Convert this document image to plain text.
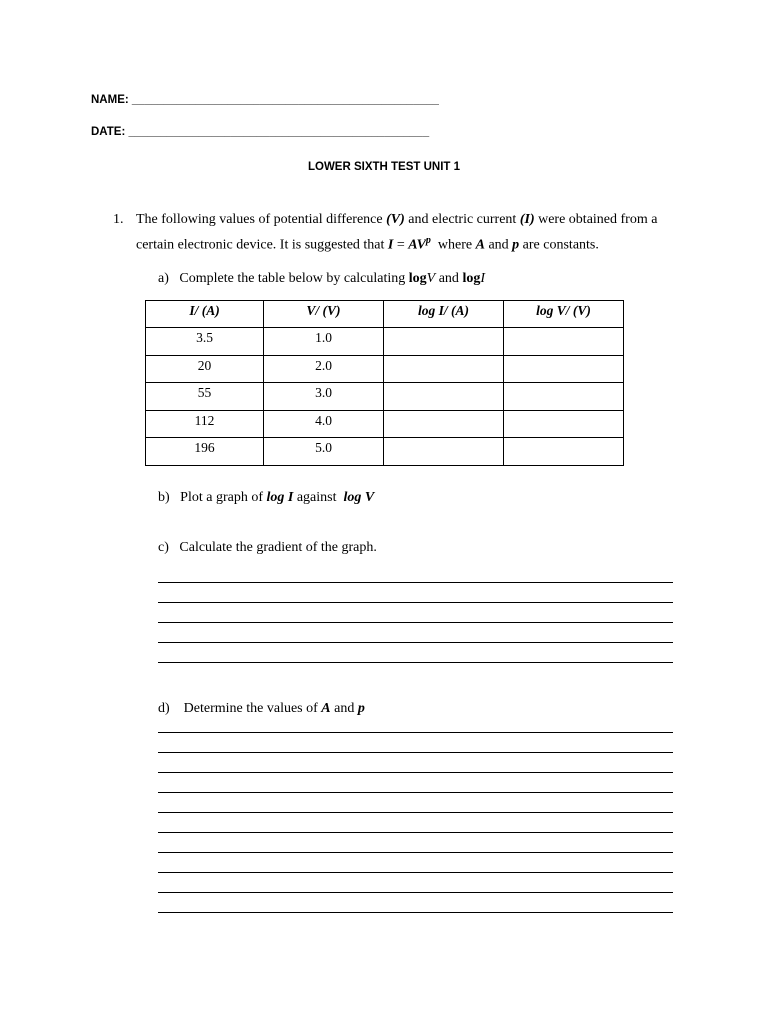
NAME: ________________________________________________
DATE: _______________________________________________
LOWER SIXTH TEST UNIT 1
1. The following values of potential difference (V) and electric current (I) were obtained from a
certain electronic device. It is suggested that $I = AV^p$  where A and p are constants.
a) Complete the table below by calculating logV and logI
I/ (A)	V/ (V)	log I/ (A)	log V/ (V)
3.5	1.0		
20	2.0		
55	3.0		
112	4.0		
196	5.0		
b) Plot a graph of log I against  log V
c) Calculate the gradient of the graph.
d) Determine the values of A and p
